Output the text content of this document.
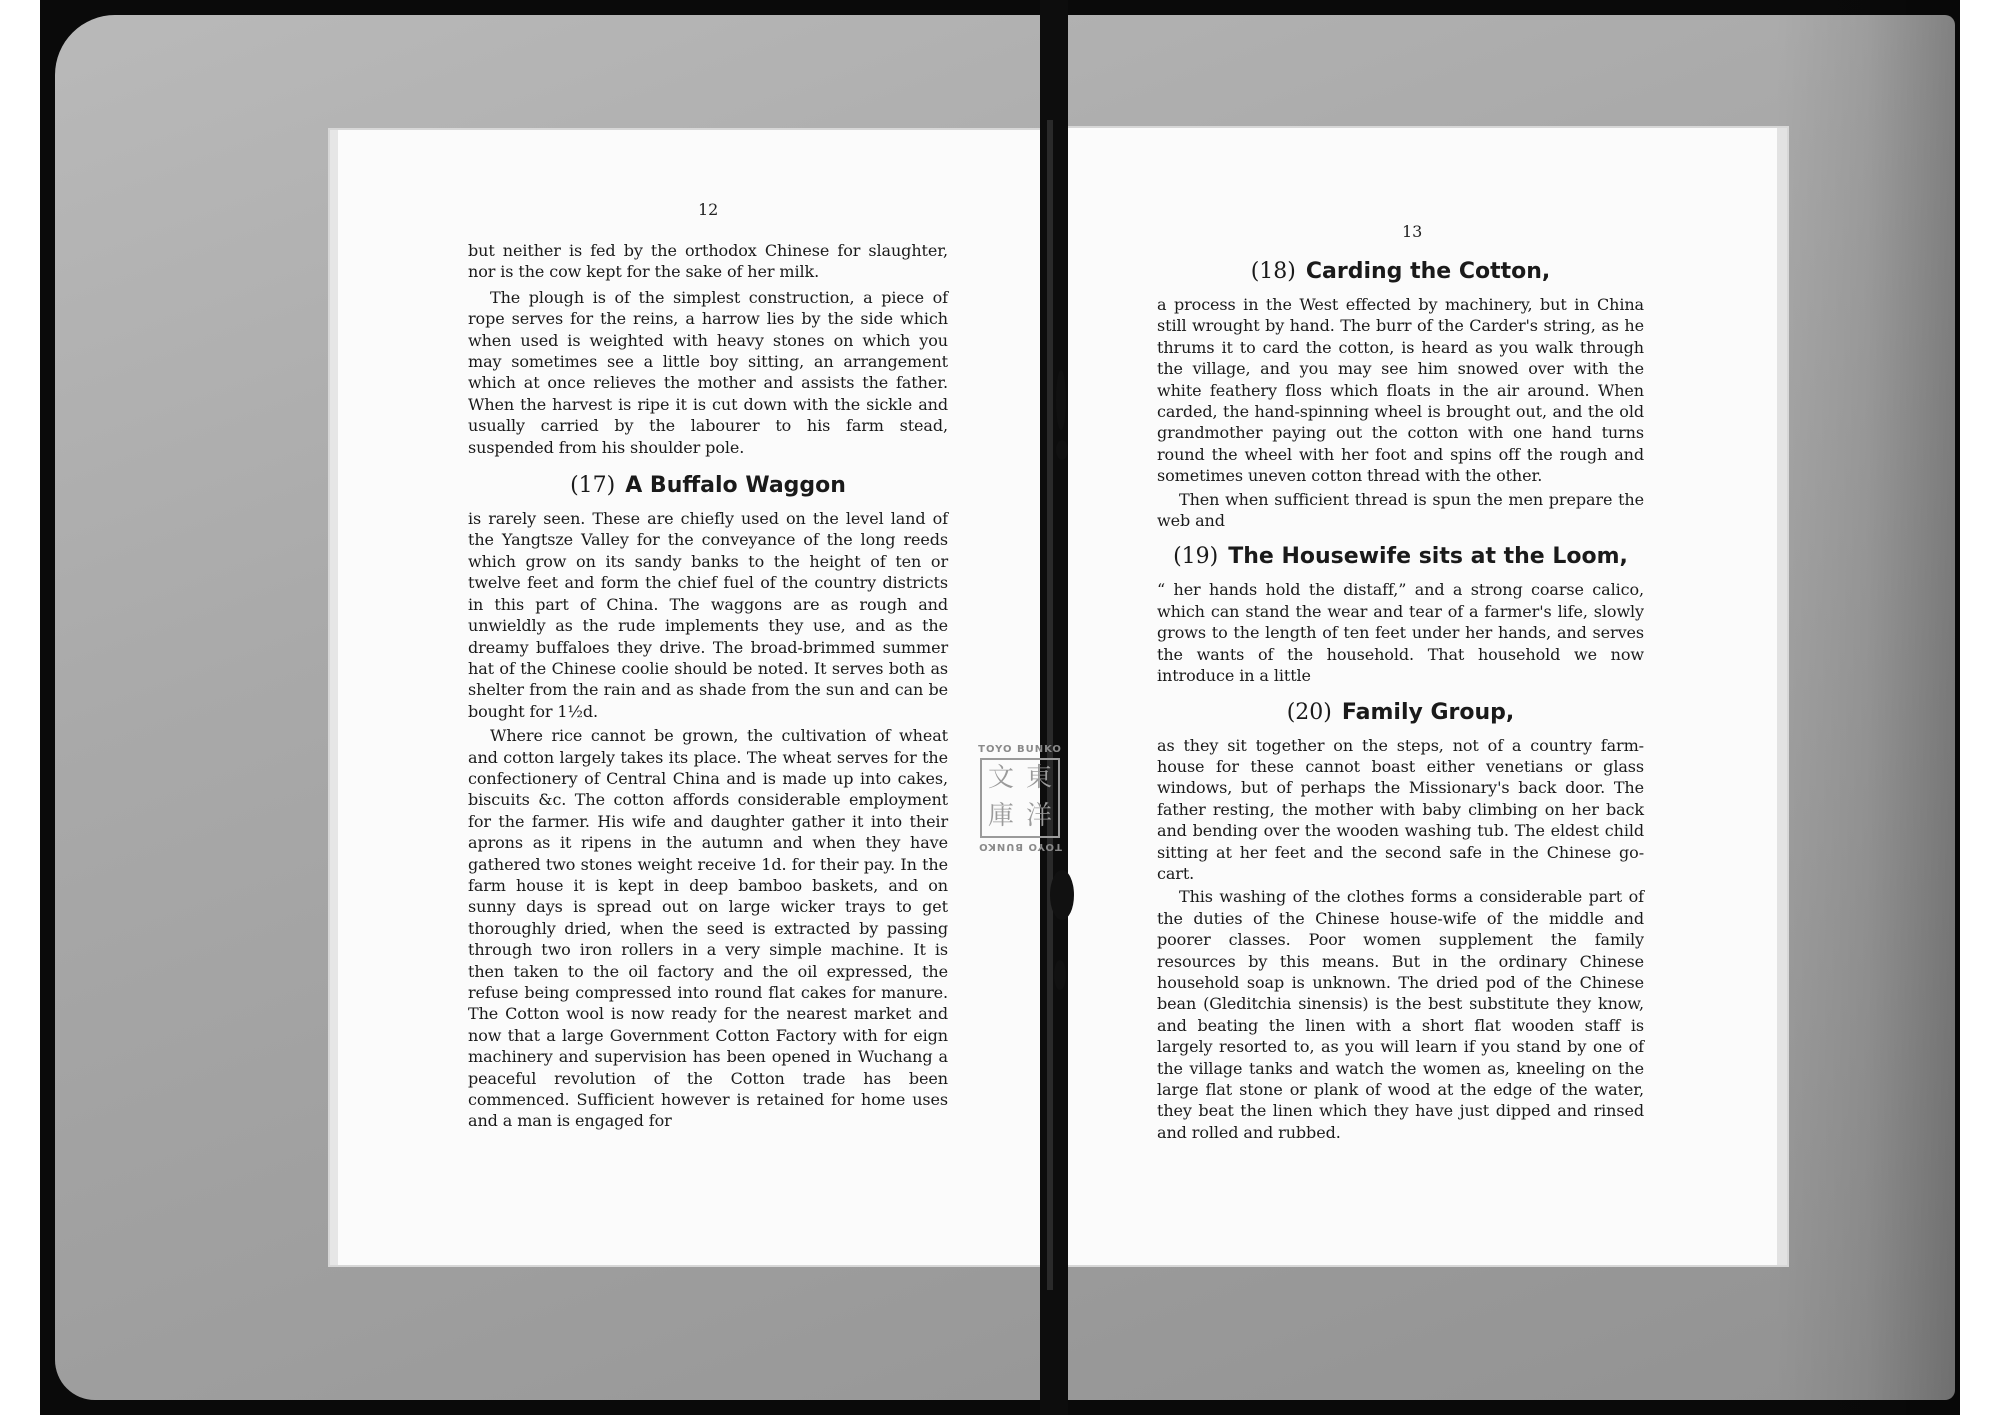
12
13

but neither is fed by the orthodox Chinese for slaughter, nor is the cow kept for the sake of her milk.

The plough is of the simplest construction, a piece of rope serves for the reins, a harrow lies by the side which when used is weighted with heavy stones on which you may sometimes see a little boy sitting, an arrangement which at once relieves the mother and assists the father. When the harvest is ripe it is cut down with the sickle and usually carried by the labourer to his farm stead, suspended from his shoulder pole.

(17) A Buffalo Waggon

is rarely seen. These are chiefly used on the level land of the Yangtsze Valley for the conveyance of the long reeds which grow on its sandy banks to the height of ten or twelve feet and form the chief fuel of the country districts in this part of China. The waggons are as rough and unwieldly as the rude implements they use, and as the dreamy buffaloes they drive. The broad-brimmed summer hat of the Chinese coolie should be noted. It serves both as shelter from the rain and as shade from the sun and can be bought for 1½d.

Where rice cannot be grown, the cultivation of wheat and cotton largely takes its place. The wheat serves for the confectionery of Central China and is made up into cakes, biscuits &c. The cotton affords considerable employment for the farmer. His wife and daughter gather it into their aprons as it ripens in the autumn and when they have gathered two stones weight receive 1d. for their pay. In the farm house it is kept in deep bamboo baskets, and on sunny days is spread out on large wicker trays to get thoroughly dried, when the seed is extracted by passing through two iron rollers in a very simple machine. It is then taken to the oil factory and the oil expressed, the refuse being compressed into round flat cakes for manure. The Cotton wool is now ready for the nearest market and now that a large Government Cotton Factory with for eign machinery and supervision has been opened in Wuchang a peaceful revolution of the Cotton trade has been commenced. Sufficient however is retained for home uses and a man is engaged for

(18) Carding the Cotton,

a process in the West effected by machinery, but in China still wrought by hand. The burr of the Carder's string, as he thrums it to card the cotton, is heard as you walk through the village, and you may see him snowed over with the white feathery floss which floats in the air around. When carded, the hand-spinning wheel is brought out, and the old grandmother paying out the cotton with one hand turns round the wheel with her foot and spins off the rough and sometimes uneven cotton thread with the other.

Then when sufficient thread is spun the men prepare the web and

(19) The Housewife sits at the Loom,

“ her hands hold the distaff,” and a strong coarse calico, which can stand the wear and tear of a farmer's life, slowly grows to the length of ten feet under her hands, and serves the wants of the household. That household we now introduce in a little

(20) Family Group,

as they sit together on the steps, not of a country farm-house for these cannot boast either venetians or glass windows, but of perhaps the Missionary's back door. The father resting, the mother with baby climbing on her back and bending over the wooden washing tub. The eldest child sitting at her feet and the second safe in the Chinese go-cart.

This washing of the clothes forms a considerable part of the duties of the Chinese house-wife of the middle and poorer classes. Poor women supplement the family resources by this means. But in the ordinary Chinese household soap is unknown. The dried pod of the Chinese bean (Gleditchia sinensis) is the best substitute they know, and beating the linen with a short flat wooden staff is largely resorted to, as you will learn if you stand by one of the village tanks and watch the women as, kneeling on the large flat stone or plank of wood at the edge of the water, they beat the linen which they have just dipped and rinsed and rolled and rubbed.

TOYO BUNKO
文 東
庫 洋
TOYO BUNKO
